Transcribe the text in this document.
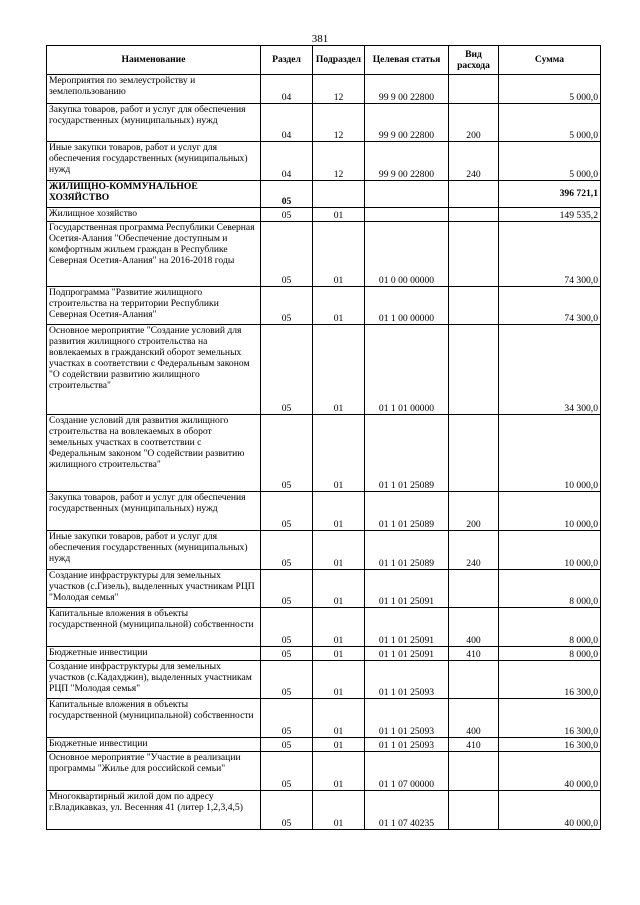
381
Наименование	Раздел	Подраздел	Целевая статья	Вид расхода	Сумма
Мероприятия по землеустройству и землепользованию	04	12	99 9 00 22800		5 000,0
Закупка товаров, работ и услуг для обеспечения государственных (муниципальных) нужд	04	12	99 9 00 22800	200	5 000,0
Иные закупки товаров, работ и услуг для обеспечения государственных (муниципальных) нужд	04	12	99 9 00 22800	240	5 000,0
ЖИЛИЩНО-КОММУНАЛЬНОЕ ХОЗЯЙСТВО	05				396 721,1
Жилищное хозяйство	05	01			149 535,2
Государственная программа Республики Северная Осетия-Алания "Обеспечение доступным и комфортным жильем граждан в Республике Северная Осетия-Алания" на 2016-2018 годы	05	01	01 0 00 00000		74 300,0
Подпрограмма "Развитие жилищного строительства на территории Республики Северная Осетия-Алания"	05	01	01 1 00 00000		74 300,0
Основное мероприятие "Создание условий для развития жилищного строительства на вовлекаемых в гражданский оборот земельных участках в соответствии с Федеральным законом "О содействии развитию жилищного строительства"	05	01	01 1 01 00000		34 300,0
Создание условий для развития жилищного строительства на вовлекаемых в оборот земельных участках в соответствии с Федеральным законом "О содействии развитию жилищного строительства"	05	01	01 1 01 25089		10 000,0
Закупка товаров, работ и услуг для обеспечения государственных (муниципальных) нужд	05	01	01 1 01 25089	200	10 000,0
Иные закупки товаров, работ и услуг для обеспечения государственных (муниципальных) нужд	05	01	01 1 01 25089	240	10 000,0
Создание инфраструктуры для земельных участков (с.Гизель), выделенных участникам РЦП "Молодая семья"	05	01	01 1 01 25091		8 000,0
Капитальные вложения в объекты государственной (муниципальной) собственности	05	01	01 1 01 25091	400	8 000,0
Бюджетные инвестиции	05	01	01 1 01 25091	410	8 000,0
Создание инфраструктуры для земельных участков (с.Кадахджин), выделенных участникам РЦП "Молодая семья"	05	01	01 1 01 25093		16 300,0
Капитальные вложения в объекты государственной (муниципальной) собственности	05	01	01 1 01 25093	400	16 300,0
Бюджетные инвестиции	05	01	01 1 01 25093	410	16 300,0
Основное мероприятие "Участие в реализации программы "Жилье для российской семьи"	05	01	01 1 07 00000		40 000,0
Многоквартирный жилой дом по адресу г.Владикавказ, ул. Весенняя 41 (литер 1,2,3,4,5)	05	01	01 1 07 40235		40 000,0
